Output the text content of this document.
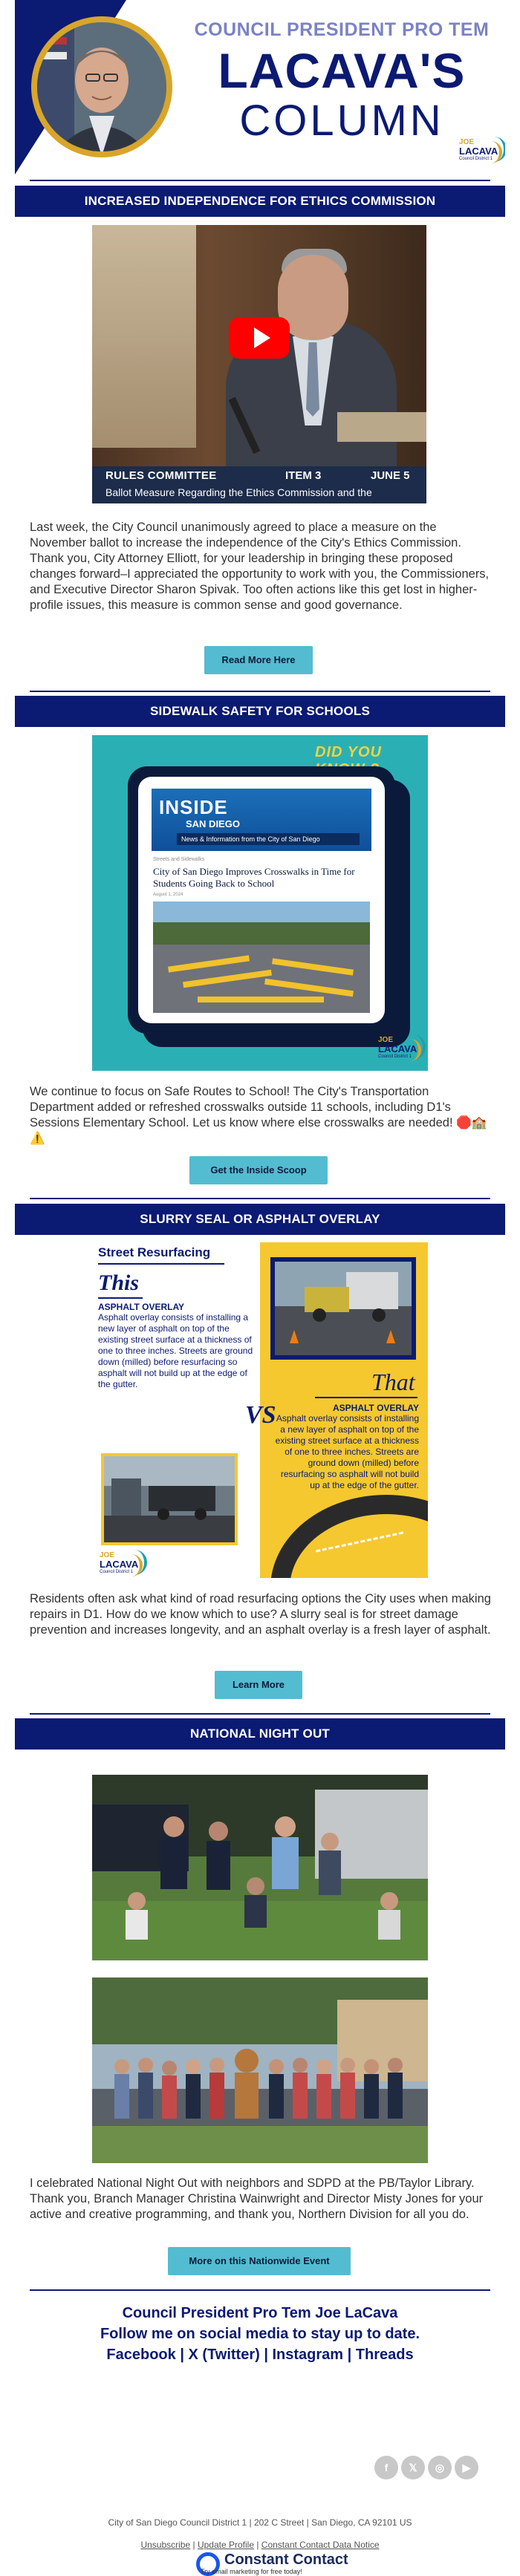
COUNCIL PRESIDENT PRO TEM
LACAVA'S
COLUMN	JOE
LACAVA
Council District 1
INCREASED INDEPENDENCE FOR ETHICS COMMISSION
RULES COMMITTEE	ITEM 3	JUNE 5
Ballot Measure Regarding the Ethics Commission and the
Last week, the City Council unanimously agreed to place a measure on the November ballot to increase the independence of the City's Ethics Commission. Thank you, City Attorney Elliott, for your leadership in bringing these proposed changes forward–I appreciated the opportunity to work with you, the Commissioners, and Executive Director Sharon Spivak. Too often actions like this get lost in higher-profile issues, this measure is common sense and good governance.
Read More Here
SIDEWALK SAFETY FOR SCHOOLS
DID YOU
INSIDE
SAN DIEGO
News & Information from the City of San Diego
Streets and Sidewalks
City of San Diego Improves Crosswalks in Time for Students Going Back to School
August 1, 2024
JOE
LACAVA
Council District 1
We continue to focus on Safe Routes to School! The City's Transportation Department added or refreshed crosswalks outside 11 schools, including D1's Sessions Elementary School. Let us know where else crosswalks are needed! 🛑🏫⚠️
Get the Inside Scoop
SLURRY SEAL OR ASPHALT OVERLAY
Street Resurfacing
This
ASPHALT OVERLAY
Asphalt overlay consists of installing a new layer of asphalt on top of the existing street surface at a thickness of one to three inches. Streets are ground down (milled) before resurfacing so asphalt will not build up at the edge of the gutter.
VS
That
ASPHALT OVERLAY
Asphalt overlay consists of installing a new layer of asphalt on top of the existing street surface at a thickness of one to three inches. Streets are ground down (milled) before resurfacing so asphalt will not build up at the edge of the gutter.
JOE
LACAVA
Council District 1
Residents often ask what kind of road resurfacing options the City uses when making repairs in D1. How do we know which to use? A slurry seal is for street damage prevention and increases longevity, and an asphalt overlay is a fresh layer of asphalt.
Learn More
NATIONAL NIGHT OUT
I celebrated National Night Out with neighbors and SDPD at the PB/Taylor Library. Thank you, Branch Manager Christina Wainwright and Director Misty Jones for your active and creative programming, and thank you, Northern Division for all you do.
More on this Nationwide Event
Council President Pro Tem Joe LaCava
Follow me on social media to stay up to date.
Facebook | X (Twitter) | Instagram | Threads
f	𝕏	◎	▶
City of San Diego Council District 1 | 202 C Street | San Diego, CA 92101 US
Unsubscribe | Update Profile | Constant Contact Data Notice
Constant Contact
Try email marketing for free today!
